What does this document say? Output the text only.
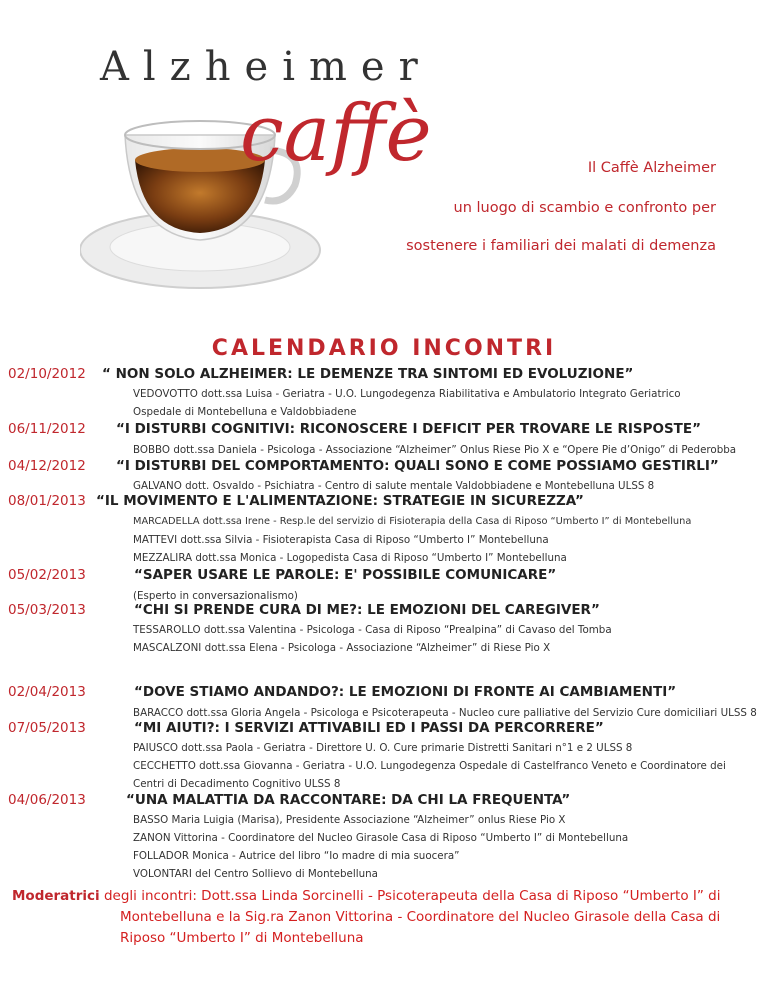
Alzheimer
caffè	Il Caffè Alzheimer
un luogo di scambio e confronto per
sostenere i familiari dei malati di demenza
CALENDARIO INCONTRI
02/10/2012 “ NON SOLO ALZHEIMER: LE DEMENZE TRA SINTOMI ED EVOLUZIONE”
VEDOVOTTO dott.ssa Luisa - Geriatra - U.O. Lungodegenza Riabilitativa e Ambulatorio Integrato Geriatrico
Ospedale di Montebelluna e Valdobbiadene
06/11/2012 “I DISTURBI COGNITIVI: RICONOSCERE I DEFICIT PER TROVARE LE RISPOSTE”
BOBBO dott.ssa Daniela - Psicologa - Associazione “Alzheimer” Onlus Riese Pio X e “Opere Pie d’Onigo” di Pederobba
04/12/2012 “I DISTURBI DEL COMPORTAMENTO: QUALI SONO E COME POSSIAMO GESTIRLI”
GALVANO dott. Osvaldo - Psichiatra - Centro di salute mentale Valdobbiadene e Montebelluna ULSS 8
08/01/2013 “IL MOVIMENTO E L'ALIMENTAZIONE: STRATEGIE IN SICUREZZA”
MARCADELLA dott.ssa Irene - Resp.le del servizio di Fisioterapia della Casa di Riposo “Umberto I” di Montebelluna
MATTEVI dott.ssa Silvia - Fisioterapista Casa di Riposo “Umberto I” Montebelluna
MEZZALIRA dott.ssa Monica - Logopedista Casa di Riposo “Umberto I” Montebelluna
05/02/2013	“SAPER USARE LE PAROLE: E' POSSIBILE COMUNICARE”
(Esperto in conversazionalismo)
05/03/2013	“CHI SI PRENDE CURA DI ME?: LE EMOZIONI DEL CAREGIVER”
TESSAROLLO dott.ssa Valentina - Psicologa - Casa di Riposo “Prealpina” di Cavaso del Tomba
MASCALZONI dott.ssa Elena - Psicologa - Associazione “Alzheimer” di Riese Pio X
02/04/2013	“DOVE STIAMO ANDANDO?: LE EMOZIONI DI FRONTE AI CAMBIAMENTI”
BARACCO dott.ssa Gloria Angela - Psicologa e Psicoterapeuta - Nucleo cure palliative del Servizio Cure domiciliari ULSS 8
07/05/2013	“MI AIUTI?: I SERVIZI ATTIVABILI ED I PASSI DA PERCORRERE”
PAIUSCO dott.ssa Paola - Geriatra - Direttore U. O. Cure primarie Distretti Sanitari n°1 e 2 ULSS 8
CECCHETTO dott.ssa Giovanna - Geriatra - U.O. Lungodegenza Ospedale di Castelfranco Veneto e Coordinatore dei
Centri di Decadimento Cognitivo ULSS 8
04/06/2013	“UNA MALATTIA DA RACCONTARE: DA CHI LA FREQUENTA”
BASSO Maria Luigia (Marisa), Presidente Associazione “Alzheimer” onlus Riese Pio X
ZANON Vittorina - Coordinatore del Nucleo Girasole Casa di Riposo “Umberto I” di Montebelluna
FOLLADOR Monica - Autrice del libro “Io madre di mia suocera”
VOLONTARI del Centro Sollievo di Montebelluna
Moderatrici degli incontri: Dott.ssa Linda Sorcinelli - Psicoterapeuta della Casa di Riposo “Umberto I” di
Montebelluna e la Sig.ra Zanon Vittorina - Coordinatore del Nucleo Girasole della Casa di
Riposo “Umberto I” di Montebelluna
